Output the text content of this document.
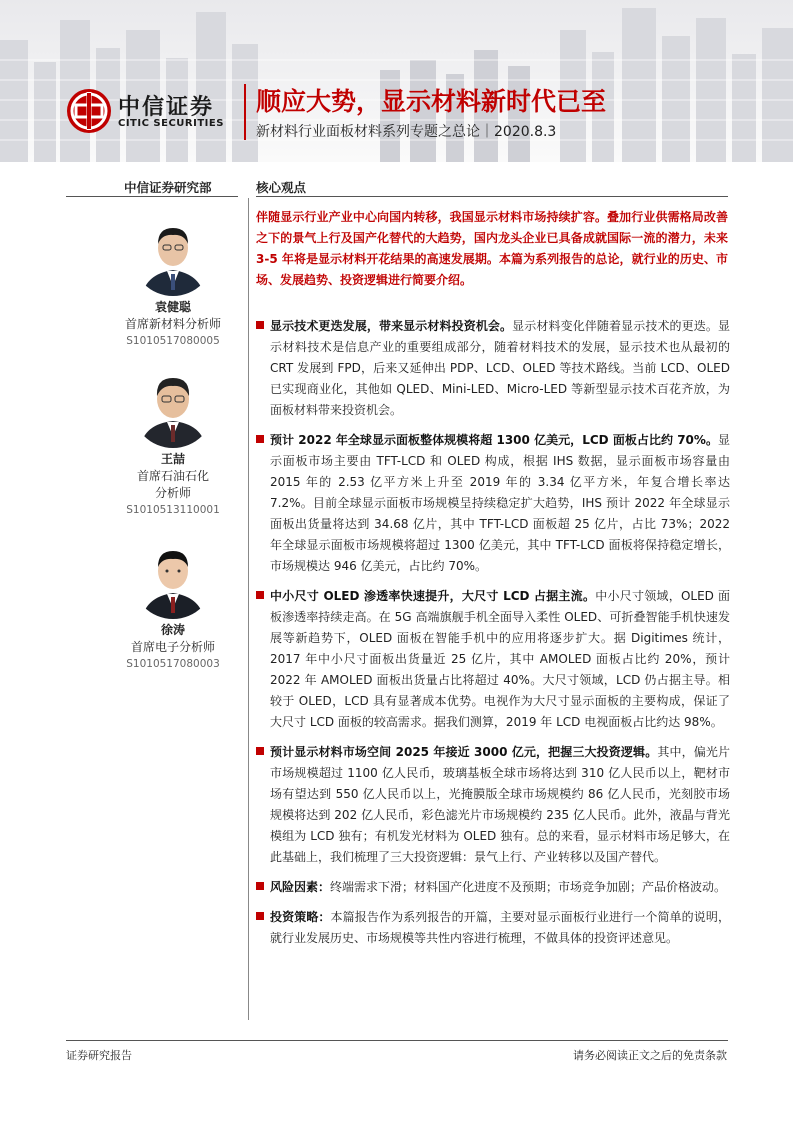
中信证券
CITIC SECURITIES
顺应大势，显示材料新时代已至
新材料行业面板材料系列专题之总论｜2020.8.3
中信证券研究部	核心观点
袁健聪
首席新材料分析师
S1010517080005
王喆
首席石油石化
分析师
S1010513110001
徐涛
首席电子分析师
S1010517080003
伴随显示行业产业中心向国内转移，我国显示材料市场持续扩容。叠加行业供需格局改善之下的景气上行及国产化替代的大趋势，国内龙头企业已具备成就国际一流的潜力，未来 3-5 年将是显示材料开花结果的高速发展期。本篇为系列报告的总论，就行业的历史、市场、发展趋势、投资逻辑进行简要介绍。
显示技术更迭发展，带来显示材料投资机会。显示材料变化伴随着显示技术的更迭。显示材料技术是信息产业的重要组成部分，随着材料技术的发展，显示技术也从最初的 CRT 发展到 FPD，后来又延伸出 PDP、LCD、OLED 等技术路线。当前 LCD、OLED 已实现商业化，其他如 QLED、Mini-LED、Micro-LED 等新型显示技术百花齐放，为面板材料带来投资机会。
预计 2022 年全球显示面板整体规模将超 1300 亿美元，LCD 面板占比约 70%。显示面板市场主要由 TFT-LCD 和 OLED 构成，根据 IHS 数据，显示面板市场容量由 2015 年的 2.53 亿平方米上升至 2019 年的 3.34 亿平方米，年复合增长率达 7.2%。目前全球显示面板市场规模呈持续稳定扩大趋势，IHS 预计 2022 年全球显示面板出货量将达到 34.68 亿片，其中 TFT-LCD 面板超 25 亿片，占比 73%；2022 年全球显示面板市场规模将超过 1300 亿美元，其中 TFT-LCD 面板将保持稳定增长，市场规模达 946 亿美元，占比约 70%。
中小尺寸 OLED 渗透率快速提升，大尺寸 LCD 占据主流。中小尺寸领域，OLED 面板渗透率持续走高。在 5G 高端旗舰手机全面导入柔性 OLED、可折叠智能手机快速发展等新趋势下，OLED 面板在智能手机中的应用将逐步扩大。据 Digitimes 统计，2017 年中小尺寸面板出货量近 25 亿片，其中 AMOLED 面板占比约 20%，预计 2022 年 AMOLED 面板出货量占比将超过 40%。大尺寸领域，LCD 仍占据主导。相较于 OLED，LCD 具有显著成本优势。电视作为大尺寸显示面板的主要构成，保证了大尺寸 LCD 面板的较高需求。据我们测算，2019 年 LCD 电视面板占比约达 98%。
预计显示材料市场空间 2025 年接近 3000 亿元，把握三大投资逻辑。其中，偏光片市场规模超过 1100 亿人民币，玻璃基板全球市场将达到 310 亿人民币以上，靶材市场有望达到 550 亿人民币以上，光掩膜版全球市场规模约 86 亿人民币，光刻胶市场规模将达到 202 亿人民币，彩色滤光片市场规模约 235 亿人民币。此外，液晶与背光模组为 LCD 独有；有机发光材料为 OLED 独有。总的来看，显示材料市场足够大，在此基础上，我们梳理了三大投资逻辑：景气上行、产业转移以及国产替代。
风险因素：终端需求下滑；材料国产化进度不及预期；市场竞争加剧；产品价格波动。
投资策略：本篇报告作为系列报告的开篇，主要对显示面板行业进行一个简单的说明，就行业发展历史、市场规模等共性内容进行梳理，不做具体的投资评述意见。
证券研究报告	请务必阅读正文之后的免责条款
